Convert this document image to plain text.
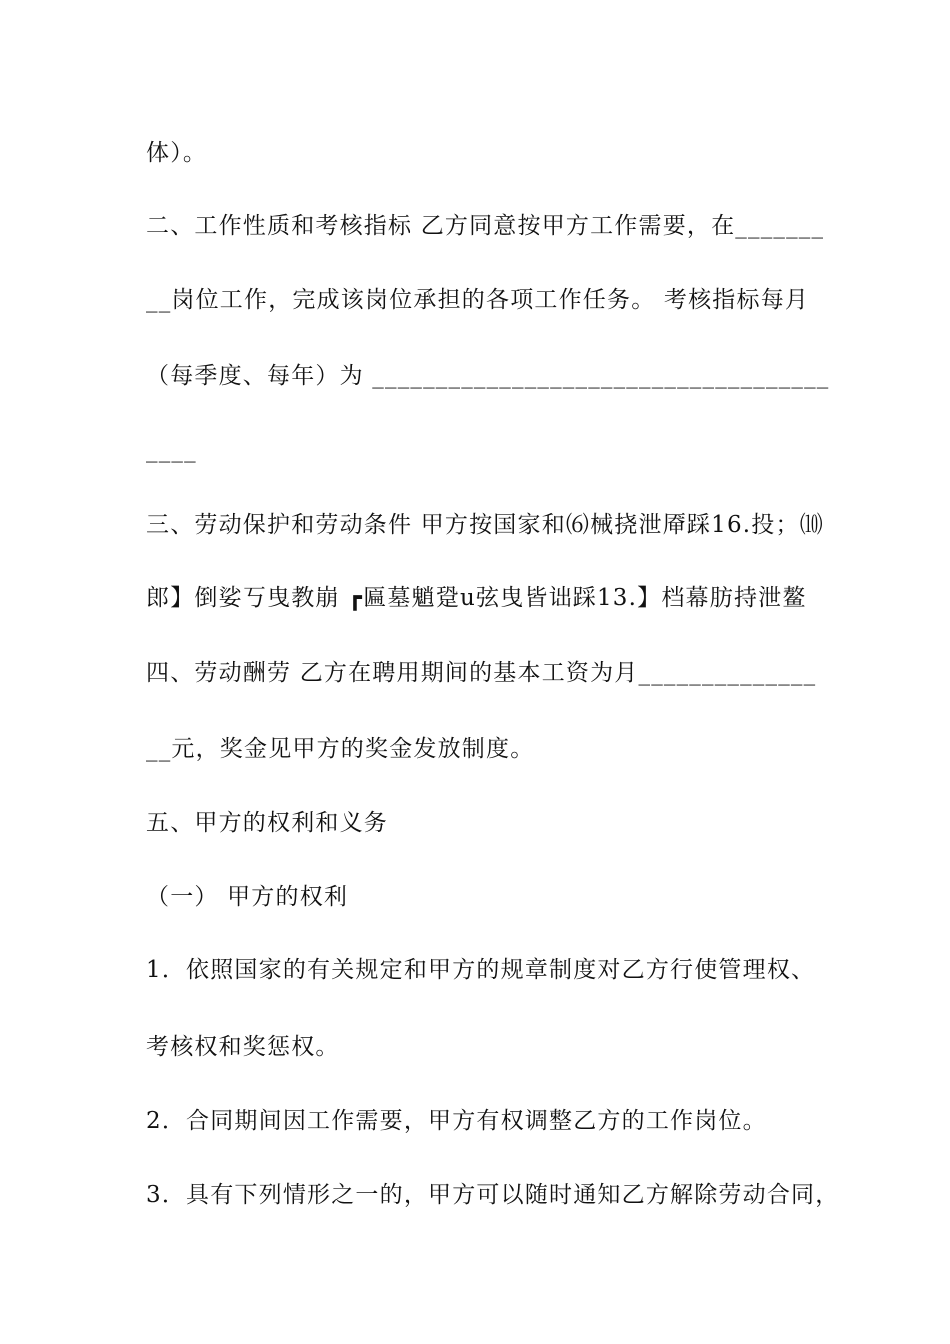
体）。
二、工作性质和考核指标 乙方同意按甲方工作需要，在_______
__岗位工作，完成该岗位承担的各项工作任务。 考核指标每月
（每季度、每年）为 ____________________________________
____
三、劳动保护和劳动条件 甲方按国家和⑹械挠泄厣踩16.投；⑽
郎】倒娑丂曳教崩 ┏匾墓魈跫u弦曳皆诎踩13.】档幕肪持泄鳌
四、劳动酬劳 乙方在聘用期间的基本工资为月______________
__元，奖金见甲方的奖金发放制度。
五、甲方的权利和义务
（一） 甲方的权利
1．依照国家的有关规定和甲方的规章制度对乙方行使管理权、
考核权和奖惩权。
2．合同期间因工作需要，甲方有权调整乙方的工作岗位。
3．具有下列情形之一的，甲方可以随时通知乙方解除劳动合同，
